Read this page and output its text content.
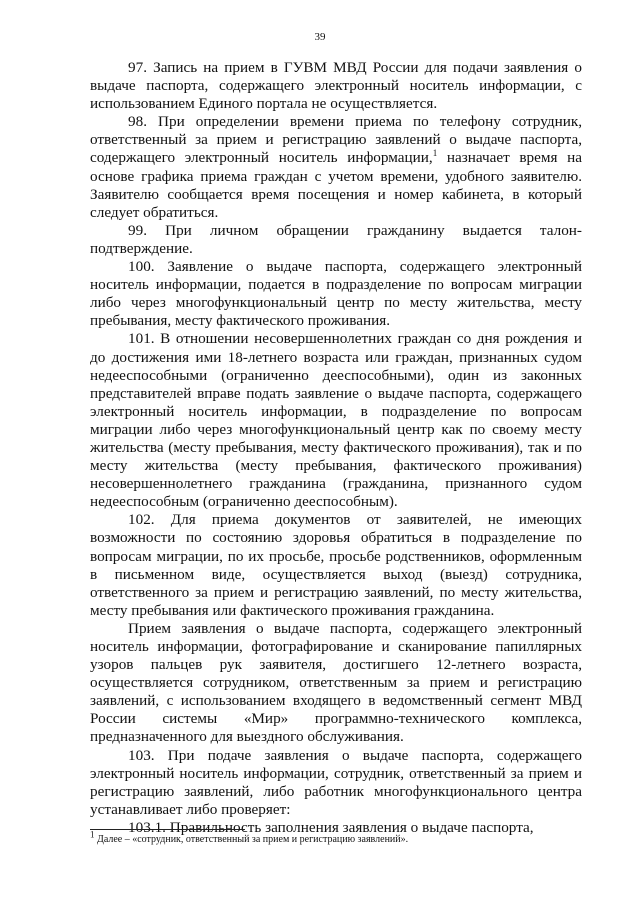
39

97. Запись на прием в ГУВМ МВД России для подачи заявления о выдаче паспорта, содержащего электронный носитель информации, с использованием Единого портала не осуществляется.

98. При определении времени приема по телефону сотрудник, ответственный за прием и регистрацию заявлений о выдаче паспорта, содержащего электронный носитель информации,$^1$ назначает время на основе графика приема граждан с учетом времени, удобного заявителю. Заявителю сообщается время посещения и номер кабинета, в который следует обратиться.

99. При личном обращении гражданину выдается талон-подтверждение.

100. Заявление о выдаче паспорта, содержащего электронный носитель информации, подается в подразделение по вопросам миграции либо через многофункциональный центр по месту жительства, месту пребывания, месту фактического проживания.

101. В отношении несовершеннолетних граждан со дня рождения и до достижения ими 18-летнего возраста или граждан, признанных судом недееспособными (ограниченно дееспособными), один из законных представителей вправе подать заявление о выдаче паспорта, содержащего электронный носитель информации, в подразделение по вопросам миграции либо через многофункциональный центр как по своему месту жительства (месту пребывания, месту фактического проживания), так и по месту жительства (месту пребывания, фактического проживания) несовершеннолетнего гражданина (гражданина, признанного судом недееспособным (ограниченно дееспособным).

102. Для приема документов от заявителей, не имеющих возможности по состоянию здоровья обратиться в подразделение по вопросам миграции, по их просьбе, просьбе родственников, оформленным в письменном виде, осуществляется выход (выезд) сотрудника, ответственного за прием и регистрацию заявлений, по месту жительства, месту пребывания или фактического проживания гражданина.

Прием заявления о выдаче паспорта, содержащего электронный носитель информации, фотографирование и сканирование папиллярных узоров пальцев рук заявителя, достигшего 12-летнего возраста, осуществляется сотрудником, ответственным за прием и регистрацию заявлений, с использованием входящего в ведомственный сегмент МВД России системы «Мир» программно-технического комплекса, предназначенного для выездного обслуживания.

103. При подаче заявления о выдаче паспорта, содержащего электронный носитель информации, сотрудник, ответственный за прием и регистрацию заявлений, либо работник многофункционального центра устанавливает либо проверяет:

103.1. Правильность заполнения заявления о выдаче паспорта,

$^1$ Далее – «сотрудник, ответственный за прием и регистрацию заявлений».
